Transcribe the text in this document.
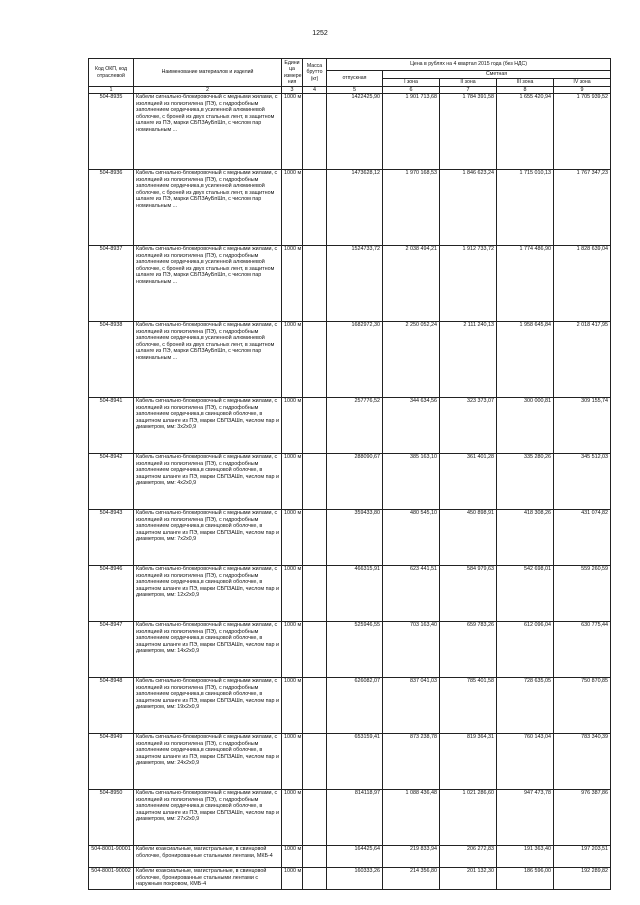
1252
Код ОКП, код отраслевой	Наименование материалов и изделий	Едини ца измере ния	Масса брутто (кг)	Цена в рублях на 4 квартал 2015 года (без НДС)				
				отпускная	Сметная			
					I зона	II зона	III зона	IV зона
1	2	3	4	5	6	7	8	9
504-8935	Кабели сигнально-блокировочный с медными жилами, с изоляцией из полиэтилена (ПЭ), с гидрофобным заполнением сердечника,в усиленной алюминевой оболочке, с броней из двух стальных лент, в защитном шланге из ПЭ, марки СБПЗАуБпШп, с числом пар номинальным ...	1000 м		1422425,90	1 901 713,68	1 784 391,58	1 655 420,94	1 705 939,52
504-8936	Кабель сигнально-блокировочный с медными жилами, с изоляцией из полиэтилена (ПЭ), с гидрофобным заполнением сердечника,в усиленной алюминевой оболочке, с броней из двух стальных лент, в защитном шланге из ПЭ, марки СБПЗАуБпШп, с числом пар номинальным ...	1000 м		1473628,12	1 970 168,53	1 846 623,24	1 715 010,13	1 767 347,23
504-8937	Кабель сигнально-блокировочный с медными жилами, с изоляцией из полиэтилена (ПЭ), с гидрофобным заполнением сердечника,в усиленной алюминевой оболочке, с броней из двух стальных лент, в защитном шланге из ПЭ, марки СБПЗАуБпШп, с числом пар номинальным ...	1000 м		1524733,72	2 038 494,21	1 912 733,72	1 774 486,90	1 828 639,04
504-8938	Кабель сигнально-блокировочный с медными жилами, с изоляцией из полиэтилена (ПЭ), с гидрофобным заполнением сердечника,в усиленной алюминевой оболочке, с броней из двух стальных лент, в защитном шланге из ПЭ, марки СБПЗАуБпШп, с числом пар номинальным ...	1000 м		1682972,30	2 250 052,24	2 111 240,13	1 958 645,84	2 018 417,95
504-8941	Кабель сигнально-блокировочный с медными жилами, с изоляцией из полиэтилена (ПЭ), с гидрофобным заполнением сердечника,в свинцовой оболочке, в защитном шланге из ПЭ, марки СБПЗАШп, числом пар и диаметром, мм: 3х2х0,9	1000 м		257776,52	344 634,56	323 373,07	300 000,81	309 155,74
504-8942	Кабель сигнально-блокировочный с медными жилами, с изоляцией из полиэтилена (ПЭ), с гидрофобным заполнением сердечника,в свинцовой оболочке, в защитном шланге из ПЭ, марки СБПЗАШп, числом пар и диаметром, мм: 4х2х0,9	1000 м		288090,67	385 163,10	361 401,28	335 280,26	345 512,03
504-8943	Кабель сигнально-блокировочный с медными жилами, с изоляцией из полиэтилена (ПЭ), с гидрофобным заполнением сердечника,в свинцовой оболочке, в защитном шланге из ПЭ, марки СБПЗАШп, числом пар и диаметром, мм: 7х2х0,9	1000 м		359433,80	480 545,10	450 898,91	418 308,26	431 074,82
504-8946	Кабель сигнально-блокировочный с медными жилами, с изоляцией из полиэтилена (ПЭ), с гидрофобным заполнением сердечника,в свинцовой оболочке, в защитном шланге из ПЭ, марки СБПЗАШп, числом пар и диаметром, мм: 12х2х0,9	1000 м		466315,91	623 441,51	584 979,63	542 698,01	559 260,59
504-8947	Кабель сигнально-блокировочный с медными жилами, с изоляцией из полиэтилена (ПЭ), с гидрофобным заполнением сердечника,в свинцовой оболочке, в защитном шланге из ПЭ, марки СБПЗАШп, числом пар и диаметром, мм: 14х2х0,9	1000 м		525946,55	703 163,40	659 783,26	612 096,04	630 775,44
504-8948	Кабель сигнально-блокировочный с медными жилами, с изоляцией из полиэтилена (ПЭ), с гидрофобным заполнением сердечника,в свинцовой оболочке, в защитном шланге из ПЭ, марки СБПЗАШп, числом пар и диаметром, мм: 19х2х0,9	1000 м		626082,07	837 041,03	785 401,58	728 635,05	750 870,85
504-8949	Кабель сигнально-блокировочный с медными жилами, с изоляцией из полиэтилена (ПЭ), с гидрофобным заполнением сердечника,в свинцовой оболочке, в защитном шланге из ПЭ, марки СБПЗАШп, числом пар и диаметром, мм: 24х2х0,9	1000 м		653159,41	873 238,78	819 364,31	760 143,04	783 340,39
504-8950	Кабель сигнально-блокировочный с медными жилами, с изоляцией из полиэтилена (ПЭ), с гидрофобным заполнением сердечника,в свинцовой оболочке, в защитном шланге из ПЭ, марки СБПЗАШп, числом пар и диаметром, мм: 27х2х0,9	1000 м		814118,97	1 088 436,48	1 021 286,60	947 473,78	976 387,86
504-8001-90001	Кабели коаксиальные, магистральные, в свинцовой оболочке, бронированные стальными лентами, МКБ-4	1000 м		164425,64	219 833,94	206 272,83	191 363,40	197 203,51
504-8001-90002	Кабели коаксиальные, магистральные, в свинцовой оболочке, бронированные стальными лентами с наружным покровом, КМБ-4	1000 м		160333,26	214 356,80	201 132,30	186 596,00	192 289,82
